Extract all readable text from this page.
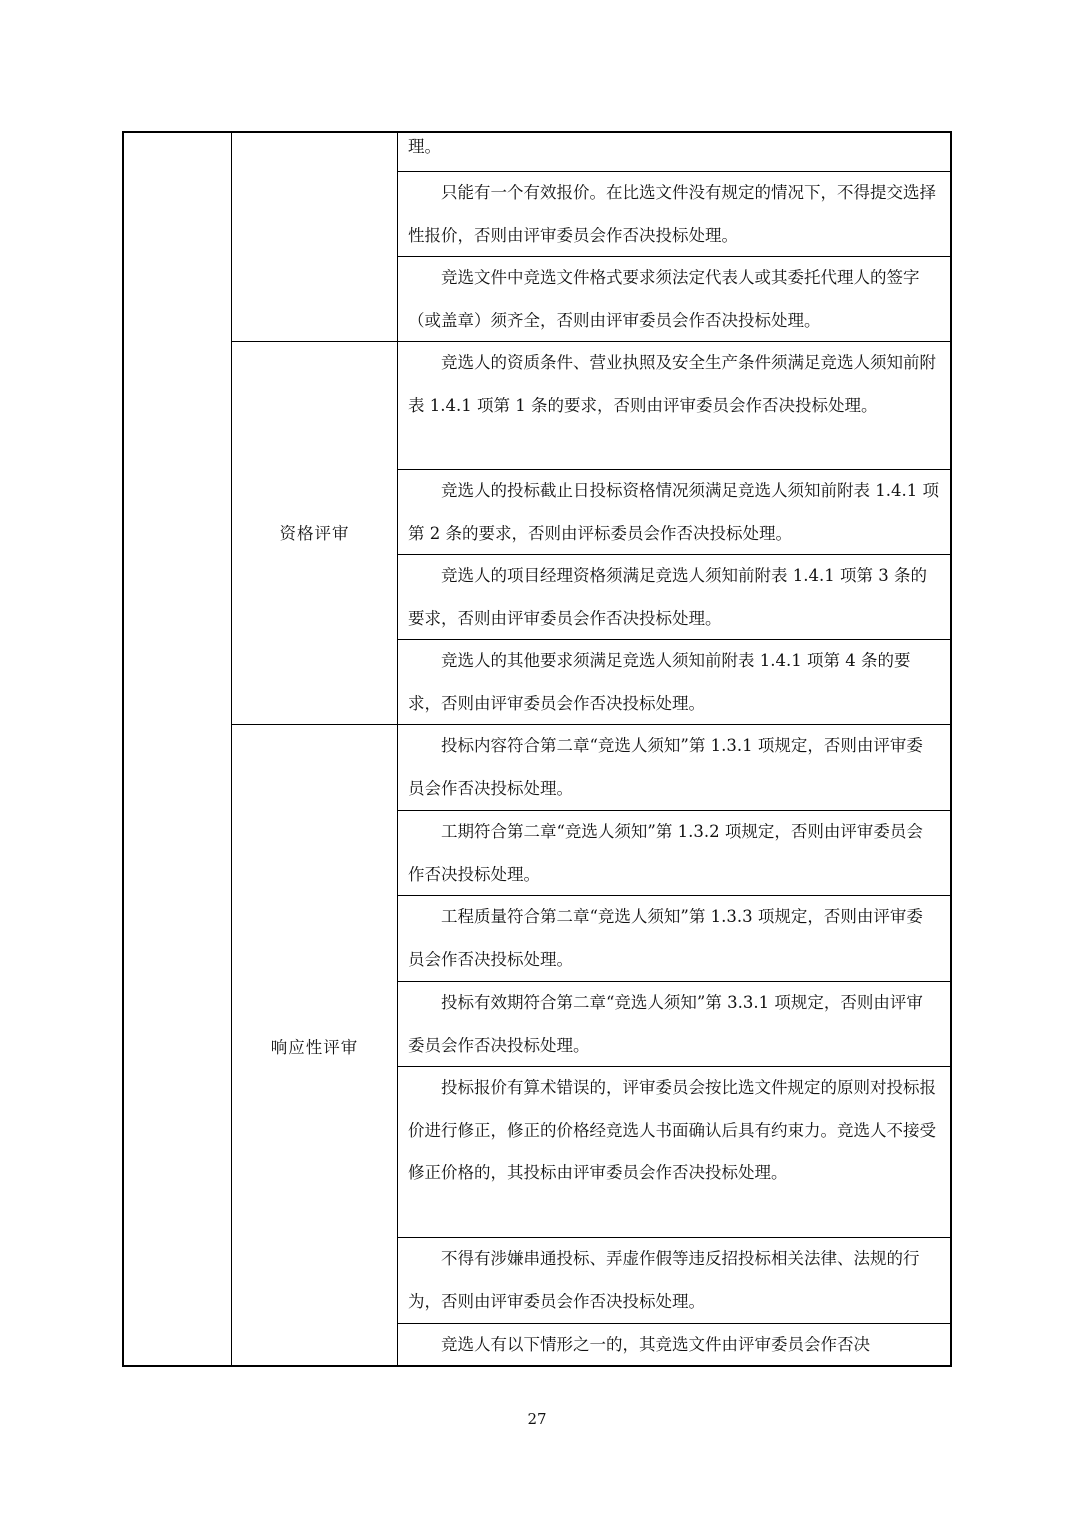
资格评审
响应性评审
理。
只能有一个有效报价。在比选文件没有规定的情况下，不得提交选择性报价，否则由评审委员会作否决投标处理。
竞选文件中竞选文件格式要求须法定代表人或其委托代理人的签字（或盖章）须齐全，否则由评审委员会作否决投标处理。
竞选人的资质条件、营业执照及安全生产条件须满足竞选人须知前附表 1.4.1 项第 1 条的要求，否则由评审委员会作否决投标处理。
竞选人的投标截止日投标资格情况须满足竞选人须知前附表 1.4.1 项第 2 条的要求，否则由评标委员会作否决投标处理。
竞选人的项目经理资格须满足竞选人须知前附表 1.4.1 项第 3 条的要求，否则由评审委员会作否决投标处理。
竞选人的其他要求须满足竞选人须知前附表 1.4.1 项第 4 条的要求，否则由评审委员会作否决投标处理。
投标内容符合第二章“竞选人须知”第 1.3.1 项规定，否则由评审委员会作否决投标处理。
工期符合第二章“竞选人须知”第 1.3.2 项规定，否则由评审委员会作否决投标处理。
工程质量符合第二章“竞选人须知”第 1.3.3 项规定，否则由评审委员会作否决投标处理。
投标有效期符合第二章“竞选人须知”第 3.3.1 项规定，否则由评审委员会作否决投标处理。
投标报价有算术错误的，评审委员会按比选文件规定的原则对投标报价进行修正，修正的价格经竞选人书面确认后具有约束力。竞选人不接受修正价格的，其投标由评审委员会作否决投标处理。
不得有涉嫌串通投标、弄虚作假等违反招投标相关法律、法规的行为，否则由评审委员会作否决投标处理。
竞选人有以下情形之一的，其竞选文件由评审委员会作否决
27
